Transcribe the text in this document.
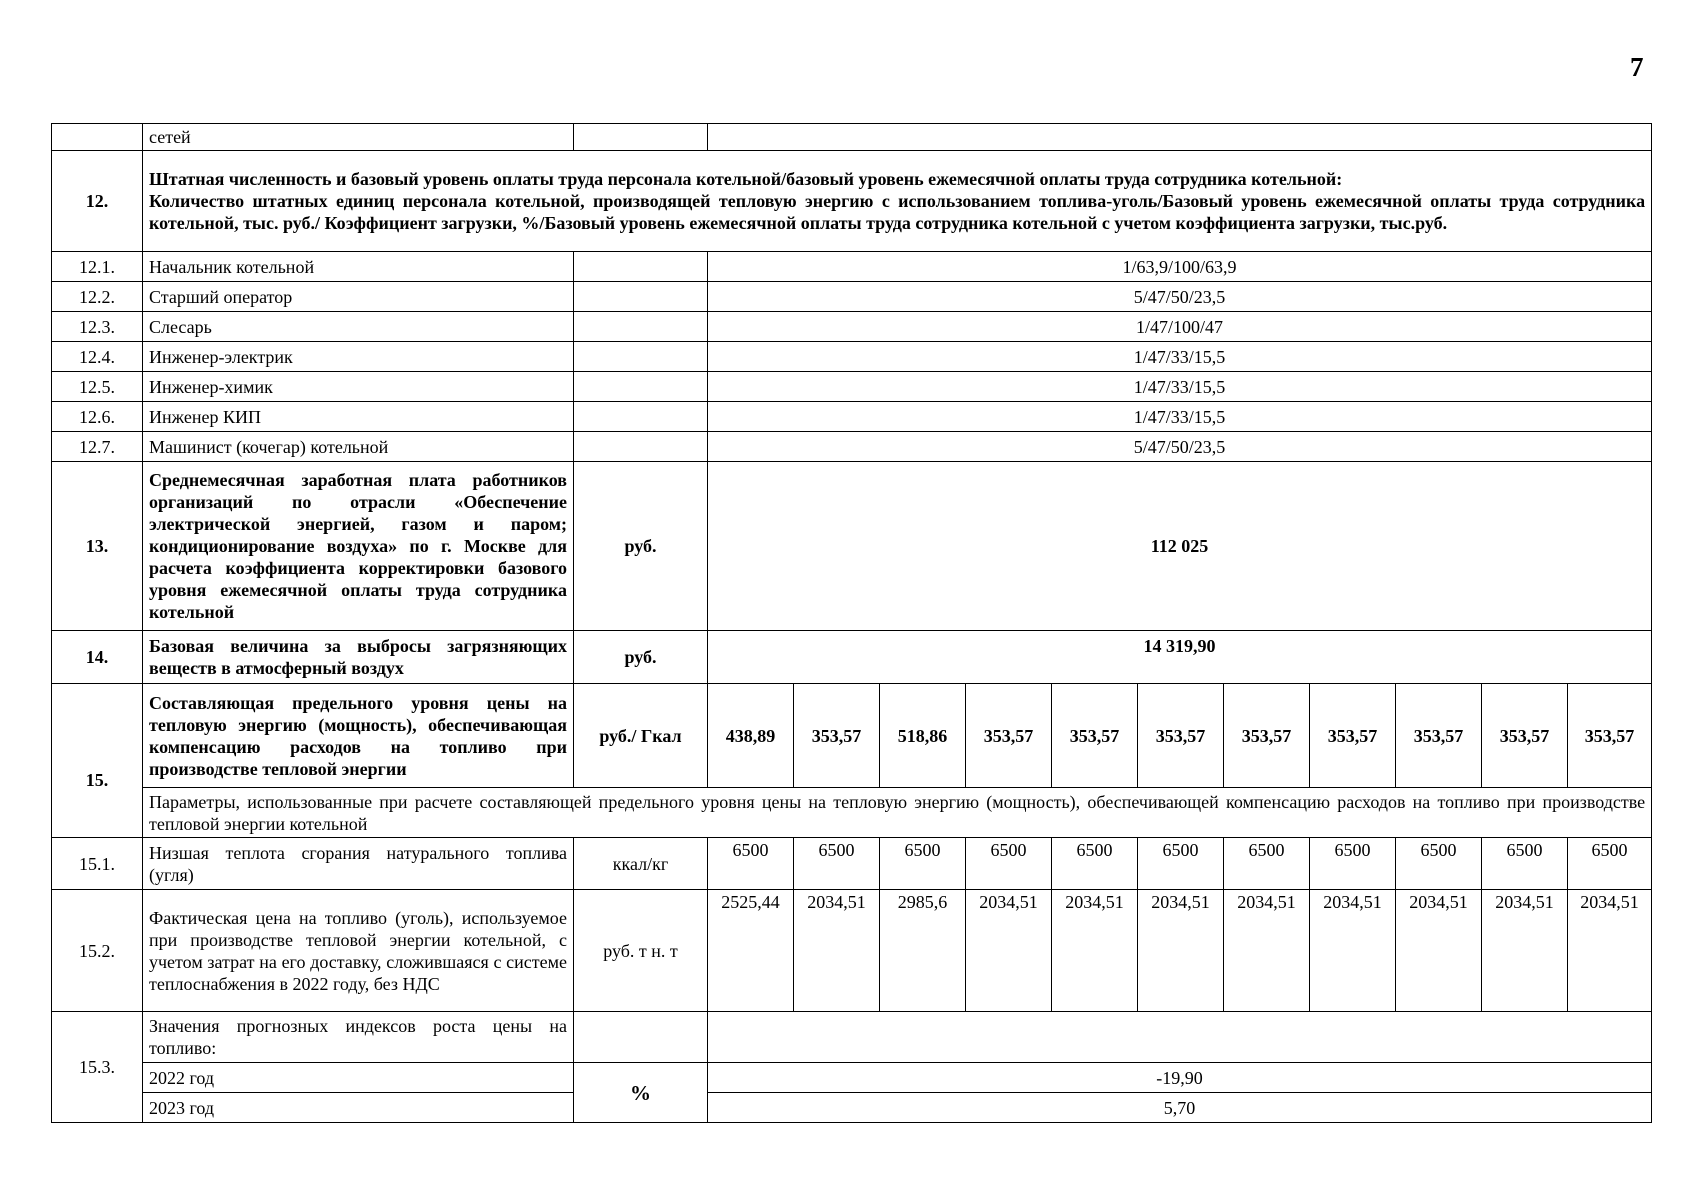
7
	сетей												
12.	Штатная численность и базовый уровень оплаты труда персонала котельной/базовый уровень ежемесячной оплаты труда сотрудника котельной:
Количество штатных единиц персонала котельной, производящей тепловую энергию с использованием топлива-уголь/Базовый уровень ежемесячной оплаты труда сотрудника котельной, тыс. руб./ Коэффициент загрузки, %/Базовый уровень ежемесячной оплаты труда сотрудника котельной с учетом коэффициента загрузки, тыс.руб.												

12.1.	Начальник котельной		1/63,9/100/63,9										
12.2.	Старший оператор		5/47/50/23,5										
12.3.	Слесарь		1/47/100/47										
12.4.	Инженер-электрик		1/47/33/15,5										
12.5.	Инженер-химик		1/47/33/15,5										
12.6.	Инженер КИП		1/47/33/15,5										
12.7.	Машинист (кочегар) котельной		5/47/50/23,5										
13.	Среднемесячная заработная плата работников организаций по отрасли «Обеспечение электрической энергией, газом и паром; кондиционирование воздуха» по г. Москве для расчета коэффициента корректировки базового уровня ежемесячной оплаты труда сотрудника котельной	руб.	112 025										
14.	Базовая величина за выбросы загрязняющих веществ в атмосферный воздух	руб.	14 319,90										
15.	Составляющая предельного уровня цены на тепловую энергию (мощность), обеспечивающая компенсацию расходов на топливо при производстве тепловой энергии	руб./ Гкал	438,89	353,57	518,86	353,57	353,57	353,57	353,57	353,57	353,57	353,57	353,57
	Параметры, использованные при расчете составляющей предельного уровня цены на тепловую энергию (мощность), обеспечивающей компенсацию расходов на топливо при производстве тепловой энергии котельной												
15.1.	Низшая теплота сгорания натурального топлива (угля)	ккал/кг	6500	6500	6500	6500	6500	6500	6500	6500	6500	6500	6500
15.2.	Фактическая цена на топливо (уголь), используемое при производстве тепловой энергии котельной, с учетом затрат на его доставку, сложившаяся с системе теплоснабжения в 2022 году, без НДС	руб. т н. т	2525,44	2034,51	2985,6	2034,51	2034,51	2034,51	2034,51	2034,51	2034,51	2034,51	2034,51
15.3.	Значения прогнозных индексов роста цены на топливо:												
	2022 год	%	-19,90										
	2023 год		5,70										
